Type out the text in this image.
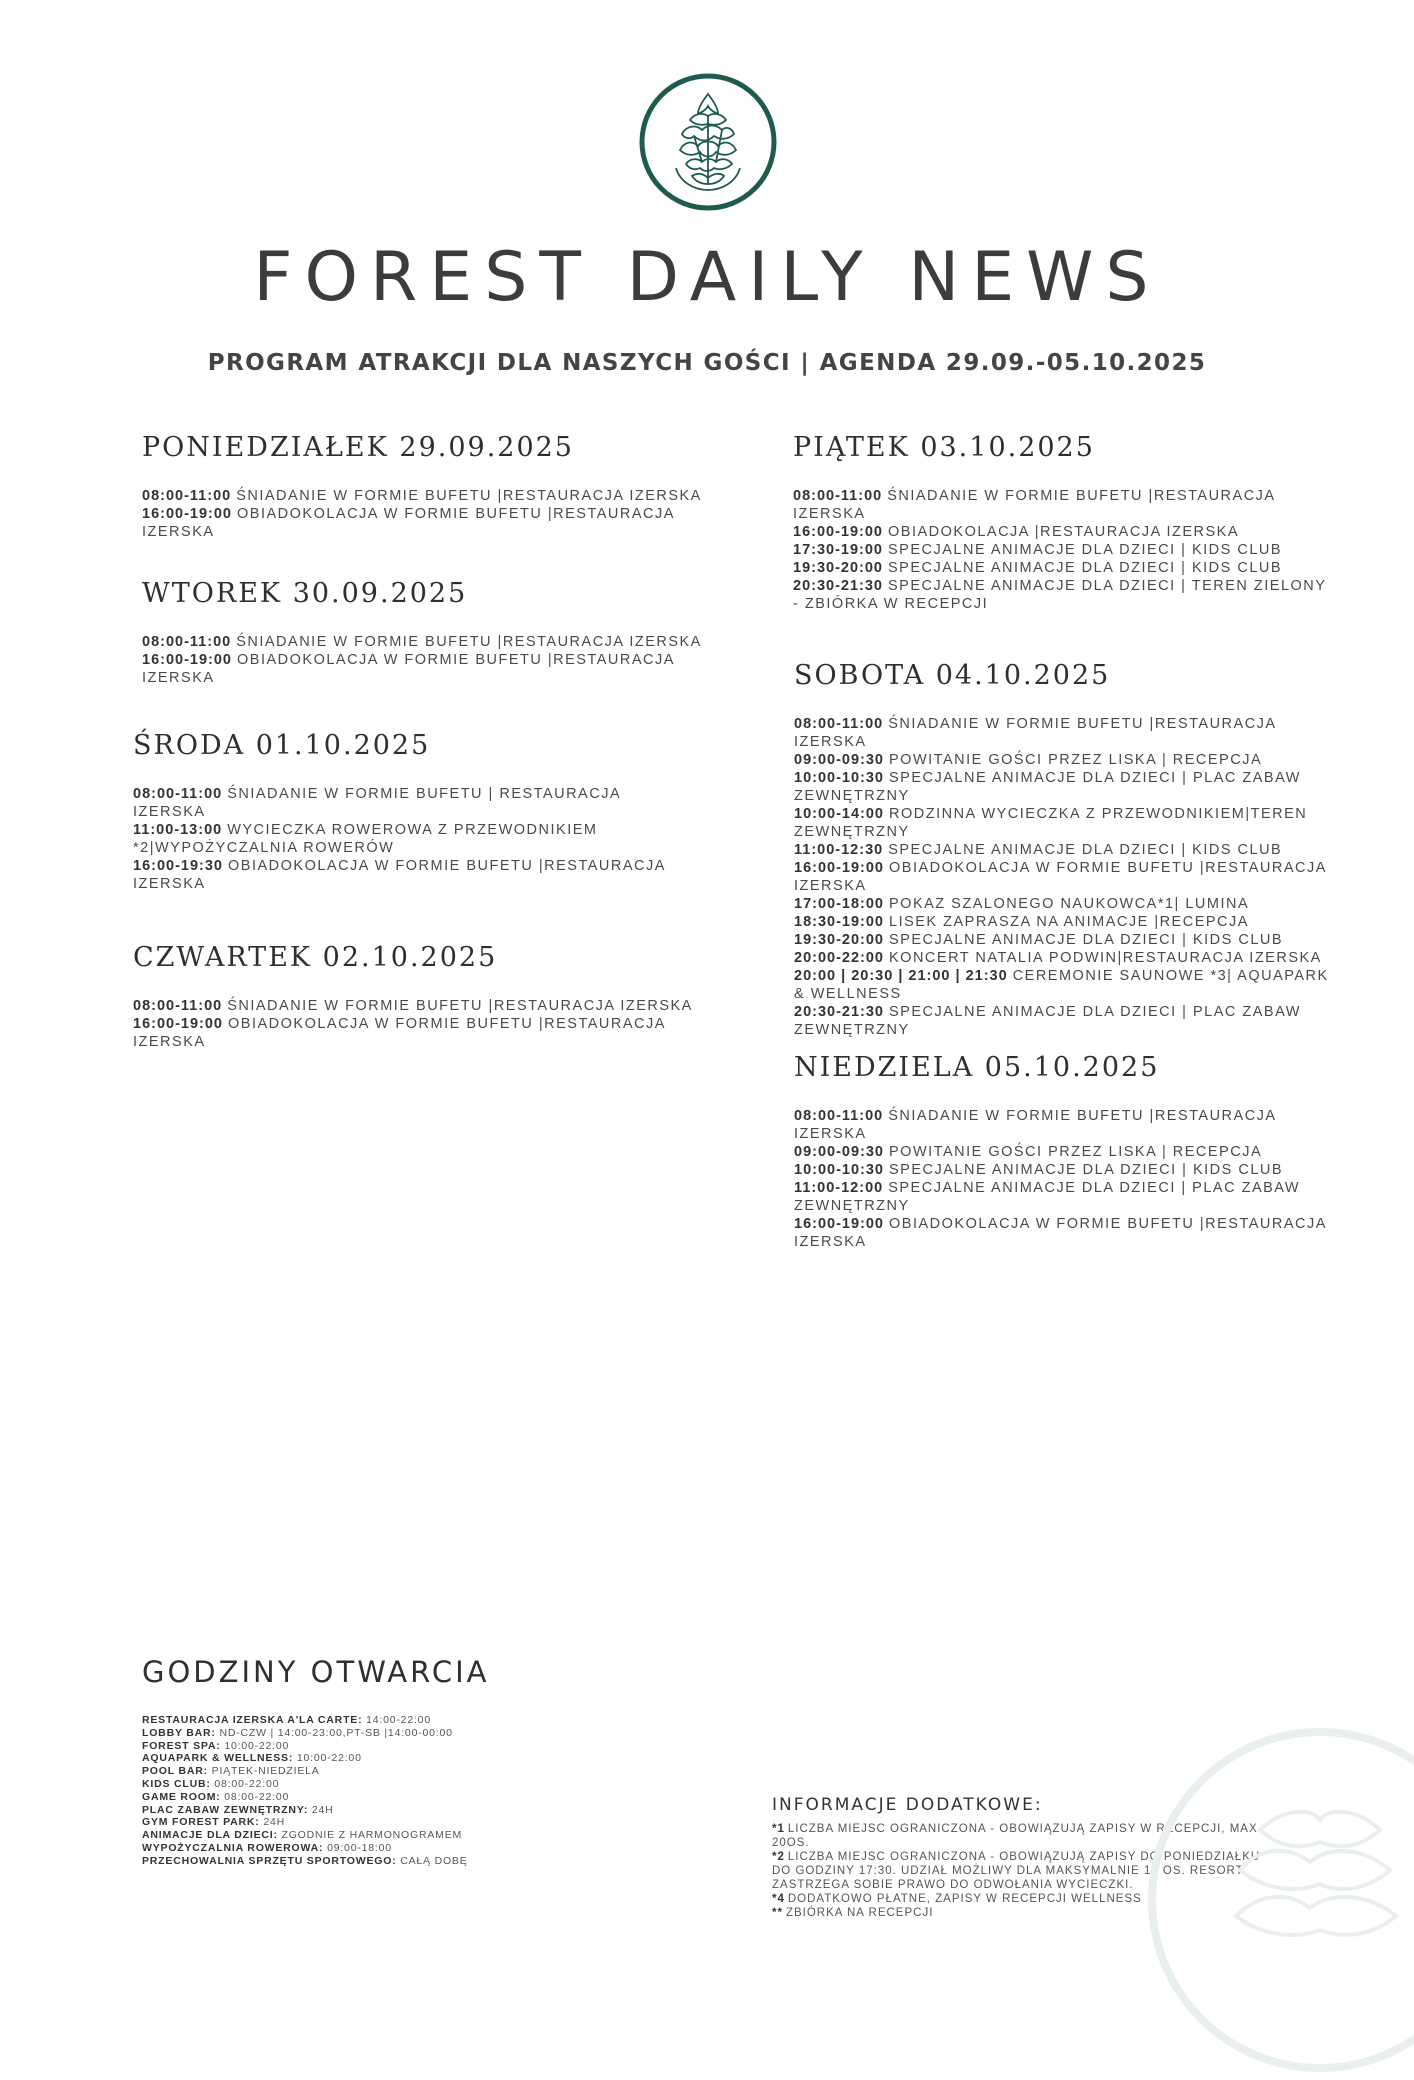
FOREST DAILY NEWS
PROGRAM ATRAKCJI DLA NASZYCH GOŚCI | AGENDA 29.09.-05.10.2025
PONIEDZIAŁEK 29.09.2025
08:00-11:00 ŚNIADANIE W FORMIE BUFETU |RESTAURACJA IZERSKA
16:00-19:00 OBIADOKOLACJA W FORMIE BUFETU |RESTAURACJA IZERSKA
WTOREK 30.09.2025
08:00-11:00 ŚNIADANIE W FORMIE BUFETU |RESTAURACJA IZERSKA
16:00-19:00 OBIADOKOLACJA W FORMIE BUFETU |RESTAURACJA IZERSKA
ŚRODA 01.10.2025
08:00-11:00 ŚNIADANIE W FORMIE BUFETU | RESTAURACJA IZERSKA
11:00-13:00 WYCIECZKA ROWEROWA Z PRZEWODNIKIEM *2|WYPOŻYCZALNIA ROWERÓW
16:00-19:30 OBIADOKOLACJA W FORMIE BUFETU |RESTAURACJA IZERSKA
CZWARTEK 02.10.2025
08:00-11:00 ŚNIADANIE W FORMIE BUFETU |RESTAURACJA IZERSKA
16:00-19:00 OBIADOKOLACJA W FORMIE BUFETU |RESTAURACJA IZERSKA
PIĄTEK 03.10.2025
08:00-11:00 ŚNIADANIE W FORMIE BUFETU |RESTAURACJA IZERSKA
16:00-19:00 OBIADOKOLACJA |RESTAURACJA IZERSKA
17:30-19:00 SPECJALNE ANIMACJE DLA DZIECI | KIDS CLUB
19:30-20:00 SPECJALNE ANIMACJE DLA DZIECI | KIDS CLUB
20:30-21:30 SPECJALNE ANIMACJE DLA DZIECI | TEREN ZIELONY - ZBIÓRKA W RECEPCJI
SOBOTA 04.10.2025
08:00-11:00 ŚNIADANIE W FORMIE BUFETU |RESTAURACJA IZERSKA
09:00-09:30 POWITANIE GOŚCI PRZEZ LISKA | RECEPCJA
10:00-10:30 SPECJALNE ANIMACJE DLA DZIECI | PLAC ZABAW ZEWNĘTRZNY
10:00-14:00 RODZINNA WYCIECZKA Z PRZEWODNIKIEM|TEREN ZEWNĘTRZNY
11:00-12:30 SPECJALNE ANIMACJE DLA DZIECI | KIDS CLUB
16:00-19:00 OBIADOKOLACJA W FORMIE BUFETU |RESTAURACJA IZERSKA
17:00-18:00 POKAZ SZALONEGO NAUKOWCA*1| LUMINA
18:30-19:00 LISEK ZAPRASZA NA ANIMACJE |RECEPCJA
19:30-20:00 SPECJALNE ANIMACJE DLA DZIECI | KIDS CLUB
20:00-22:00 KONCERT NATALIA PODWIN|RESTAURACJA IZERSKA
20:00 | 20:30 | 21:00 | 21:30 CEREMONIE SAUNOWE *3| AQUAPARK & WELLNESS
20:30-21:30 SPECJALNE ANIMACJE DLA DZIECI | PLAC ZABAW ZEWNĘTRZNY
NIEDZIELA 05.10.2025
08:00-11:00 ŚNIADANIE W FORMIE BUFETU |RESTAURACJA IZERSKA
09:00-09:30 POWITANIE GOŚCI PRZEZ LISKA | RECEPCJA
10:00-10:30 SPECJALNE ANIMACJE DLA DZIECI | KIDS CLUB
11:00-12:00 SPECJALNE ANIMACJE DLA DZIECI | PLAC ZABAW ZEWNĘTRZNY
16:00-19:00 OBIADOKOLACJA W FORMIE BUFETU |RESTAURACJA IZERSKA
GODZINY OTWARCIA
RESTAURACJA IZERSKA A'LA CARTE: 14:00-22:00
LOBBY BAR: ND-CZW | 14:00-23:00,PT-SB |14:00-00:00
FOREST SPA: 10:00-22:00
AQUAPARK & WELLNESS: 10:00-22:00
POOL BAR: PIĄTEK-NIEDZIELA
KIDS CLUB: 08:00-22:00
GAME ROOM: 08:00-22:00
PLAC ZABAW ZEWNĘTRZNY: 24H
GYM FOREST PARK: 24H
ANIMACJE DLA DZIECI: ZGODNIE Z HARMONOGRAMEM
WYPOŻYCZALNIA ROWEROWA: 09:00-18:00
PRZECHOWALNIA SPRZĘTU SPORTOWEGO: CAŁĄ DOBĘ
INFORMACJE DODATKOWE:
*1 LICZBA MIEJSC OGRANICZONA - OBOWIĄZUJĄ ZAPISY W RECEPCJI, MAX 20OS.
*2 LICZBA MIEJSC OGRANICZONA - OBOWIĄZUJĄ ZAPISY DO PONIEDZIAŁKU DO GODZINY 17:30. UDZIAŁ MOŻLIWY DLA MAKSYMALNIE 15 OS. RESORT ZASTRZEGA SOBIE PRAWO DO ODWOŁANIA WYCIECZKI.
*4 DODATKOWO PŁATNE, ZAPISY W RECEPCJI WELLNESS
** ZBIÓRKA NA RECEPCJI
